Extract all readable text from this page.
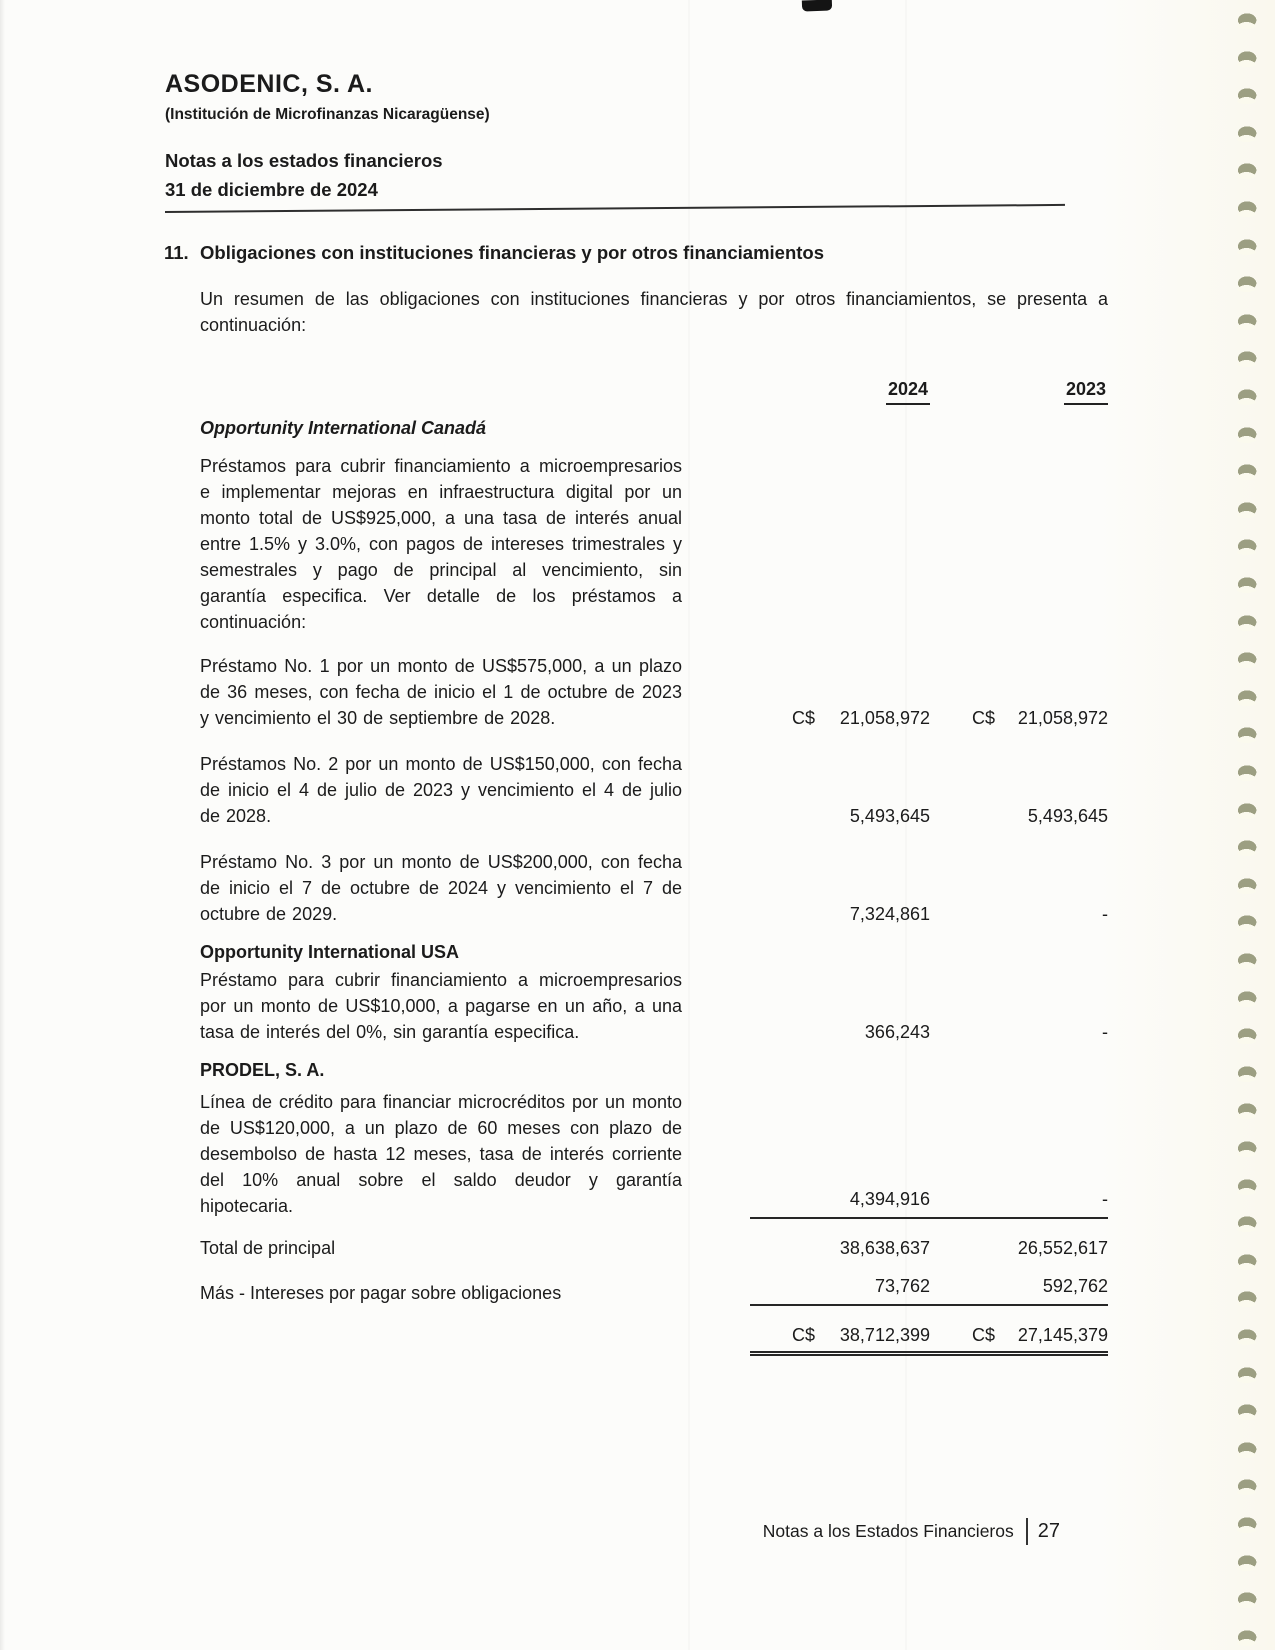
ASODENIC, S. A.
(Institución de Microfinanzas Nicaragüense)
Notas a los estados financieros
31 de diciembre de 2024
11. Obligaciones con instituciones financieras y por otros financiamientos
Un resumen de las obligaciones con instituciones financieras y por otros financiamientos, se presenta a continuación:
2024	2023
Opportunity International Canadá
Préstamos para cubrir financiamiento a microempresarios e implementar mejoras en infraestructura digital por un monto total de US$925,000, a una tasa de interés anual entre 1.5% y 3.0%, con pagos de intereses trimestrales y semestrales y pago de principal al vencimiento, sin garantía especifica. Ver detalle de los préstamos a continuación:
Préstamo No. 1 por un monto de US$575,000, a un plazo de 36 meses, con fecha de inicio el 1 de octubre de 2023 y vencimiento el 30 de septiembre de 2028.	C$ 21,058,972 C$ 21,058,972
Préstamos No. 2 por un monto de US$150,000, con fecha de inicio el 4 de julio de 2023 y vencimiento el 4 de julio de 2028.	5,493,645	5,493,645
Préstamo No. 3 por un monto de US$200,000, con fecha de inicio el 7 de octubre de 2024 y vencimiento el 7 de octubre de 2029.	7,324,861	-
Opportunity International USA
Préstamo para cubrir financiamiento a microempresarios por un monto de US$10,000, a pagarse en un año, a una tasa de interés del 0%, sin garantía especifica.	366,243	-
PRODEL, S. A.
Línea de crédito para financiar microcréditos por un monto de US$120,000, a un plazo de 60 meses con plazo de desembolso de hasta 12 meses, tasa de interés corriente del 10% anual sobre el saldo deudor y garantía hipotecaria.	4,394,916	-
Total de principal	38,638,637	26,552,617
Más - Intereses por pagar sobre obligaciones	73,762	592,762
C$ 38,712,399 C$ 27,145,379
Notas a los Estados Financieros 27
